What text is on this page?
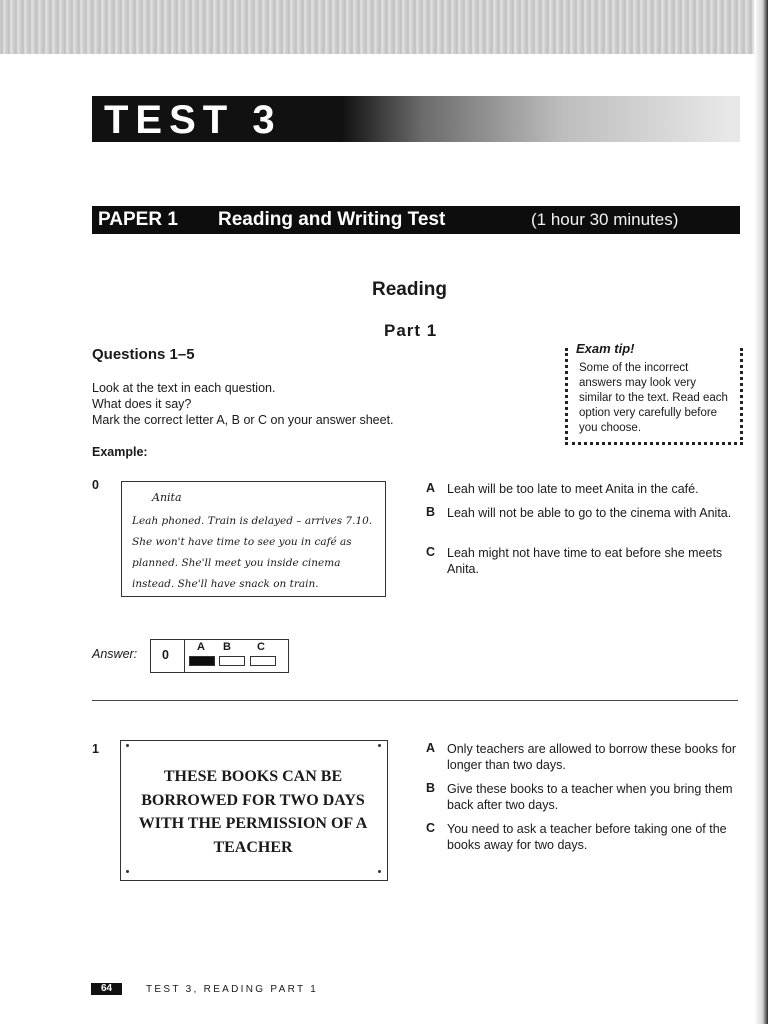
TEST 3
PAPER 1 Reading and Writing Test	(1 hour 30 minutes)
Reading
Part 1
Questions 1–5
Look at the text in each question.
What does it say?
Mark the correct letter A, B or C on your answer sheet.
Example:
Exam tip!
Some of the incorrect answers may look very similar to the text. Read each option very carefully before you choose.
0
Anita
Leah phoned. Train is delayed – arrives 7.10. She won't have time to see you in café as planned. She'll meet you inside cinema instead. She'll have snack on train.
A Leah will be too late to meet Anita in the café.
B Leah will not be able to go to the cinema with Anita.
C Leah might not have time to eat before she meets Anita.
Answer: 0
A B C
1
THESE BOOKS CAN BE BORROWED FOR TWO DAYS WITH THE PERMISSION OF A TEACHER
A Only teachers are allowed to borrow these books for longer than two days.
B Give these books to a teacher when you bring them back after two days.
C You need to ask a teacher before taking one of the books away for two days.
64	TEST 3, READING PART 1
